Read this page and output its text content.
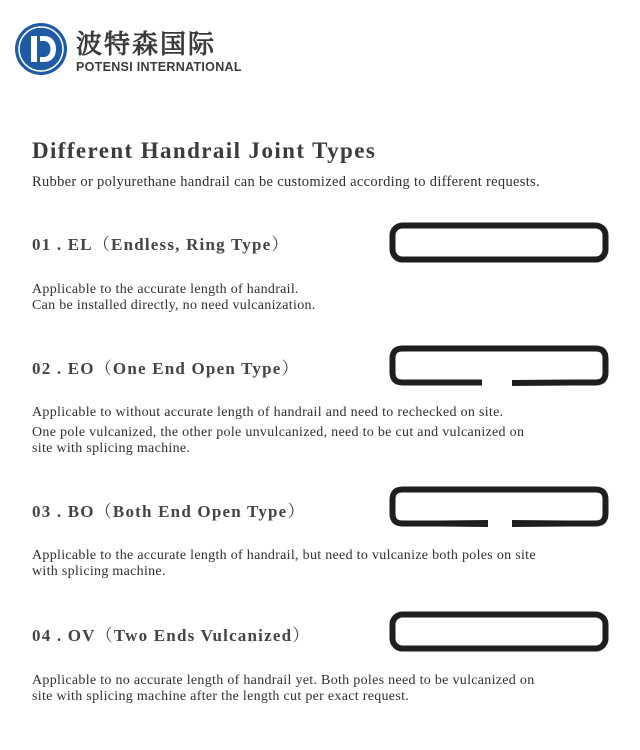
波特森国际
POTENSI INTERNATIONAL
Different Handrail Joint Types

Rubber or polyurethane handrail can be customized according to different requests.

01 . EL（Endless, Ring Type）

Applicable to the accurate length of handrail.
Can be installed directly, no need vulcanization.

02 . EO（One End Open Type）

Applicable to without accurate length of handrail and need to rechecked on site.
One pole vulcanized, the other pole unvulcanized, need to be cut and vulcanized on
site with splicing machine.

03 . BO（Both End Open Type）

Applicable to the accurate length of handrail, but need to vulcanize both poles on site
with splicing machine.

04 . OV（Two Ends Vulcanized）

Applicable to no accurate length of handrail yet. Both poles need to be vulcanized on
site with splicing machine after the length cut per exact request.
